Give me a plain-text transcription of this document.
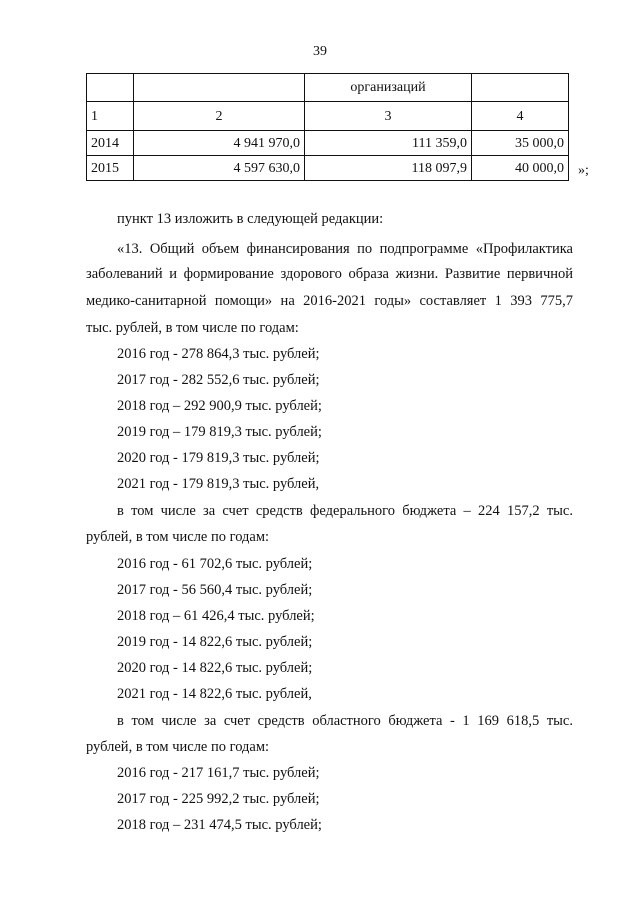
39
		организаций	
1	2	3	4
2014	4 941 970,0	111 359,0	35 000,0
2015	4 597 630,0	118 097,9	40 000,0 »;
пункт 13 изложить в следующей редакции:
«13. Общий объем финансирования по подпрограмме «Профилактика
заболеваний и формирование здорового образа жизни. Развитие первичной
медико-санитарной помощи» на 2016-2021 годы» составляет 1 393 775,7
тыс. рублей, в том числе по годам:
2016 год - 278 864,3 тыс. рублей;
2017 год - 282 552,6 тыс. рублей;
2018 год – 292 900,9 тыс. рублей;
2019 год – 179 819,3 тыс. рублей;
2020 год - 179 819,3 тыс. рублей;
2021 год - 179 819,3 тыс. рублей,
в том числе за счет средств федерального бюджета – 224 157,2 тыс.
рублей, в том числе по годам:
2016 год - 61 702,6 тыс. рублей;
2017 год - 56 560,4 тыс. рублей;
2018 год – 61 426,4 тыс. рублей;
2019 год - 14 822,6 тыс. рублей;
2020 год - 14 822,6 тыс. рублей;
2021 год - 14 822,6 тыс. рублей,
в том числе за счет средств областного бюджета - 1 169 618,5 тыс.
рублей, в том числе по годам:
2016 год - 217 161,7 тыс. рублей;
2017 год - 225 992,2 тыс. рублей;
2018 год – 231 474,5 тыс. рублей;
